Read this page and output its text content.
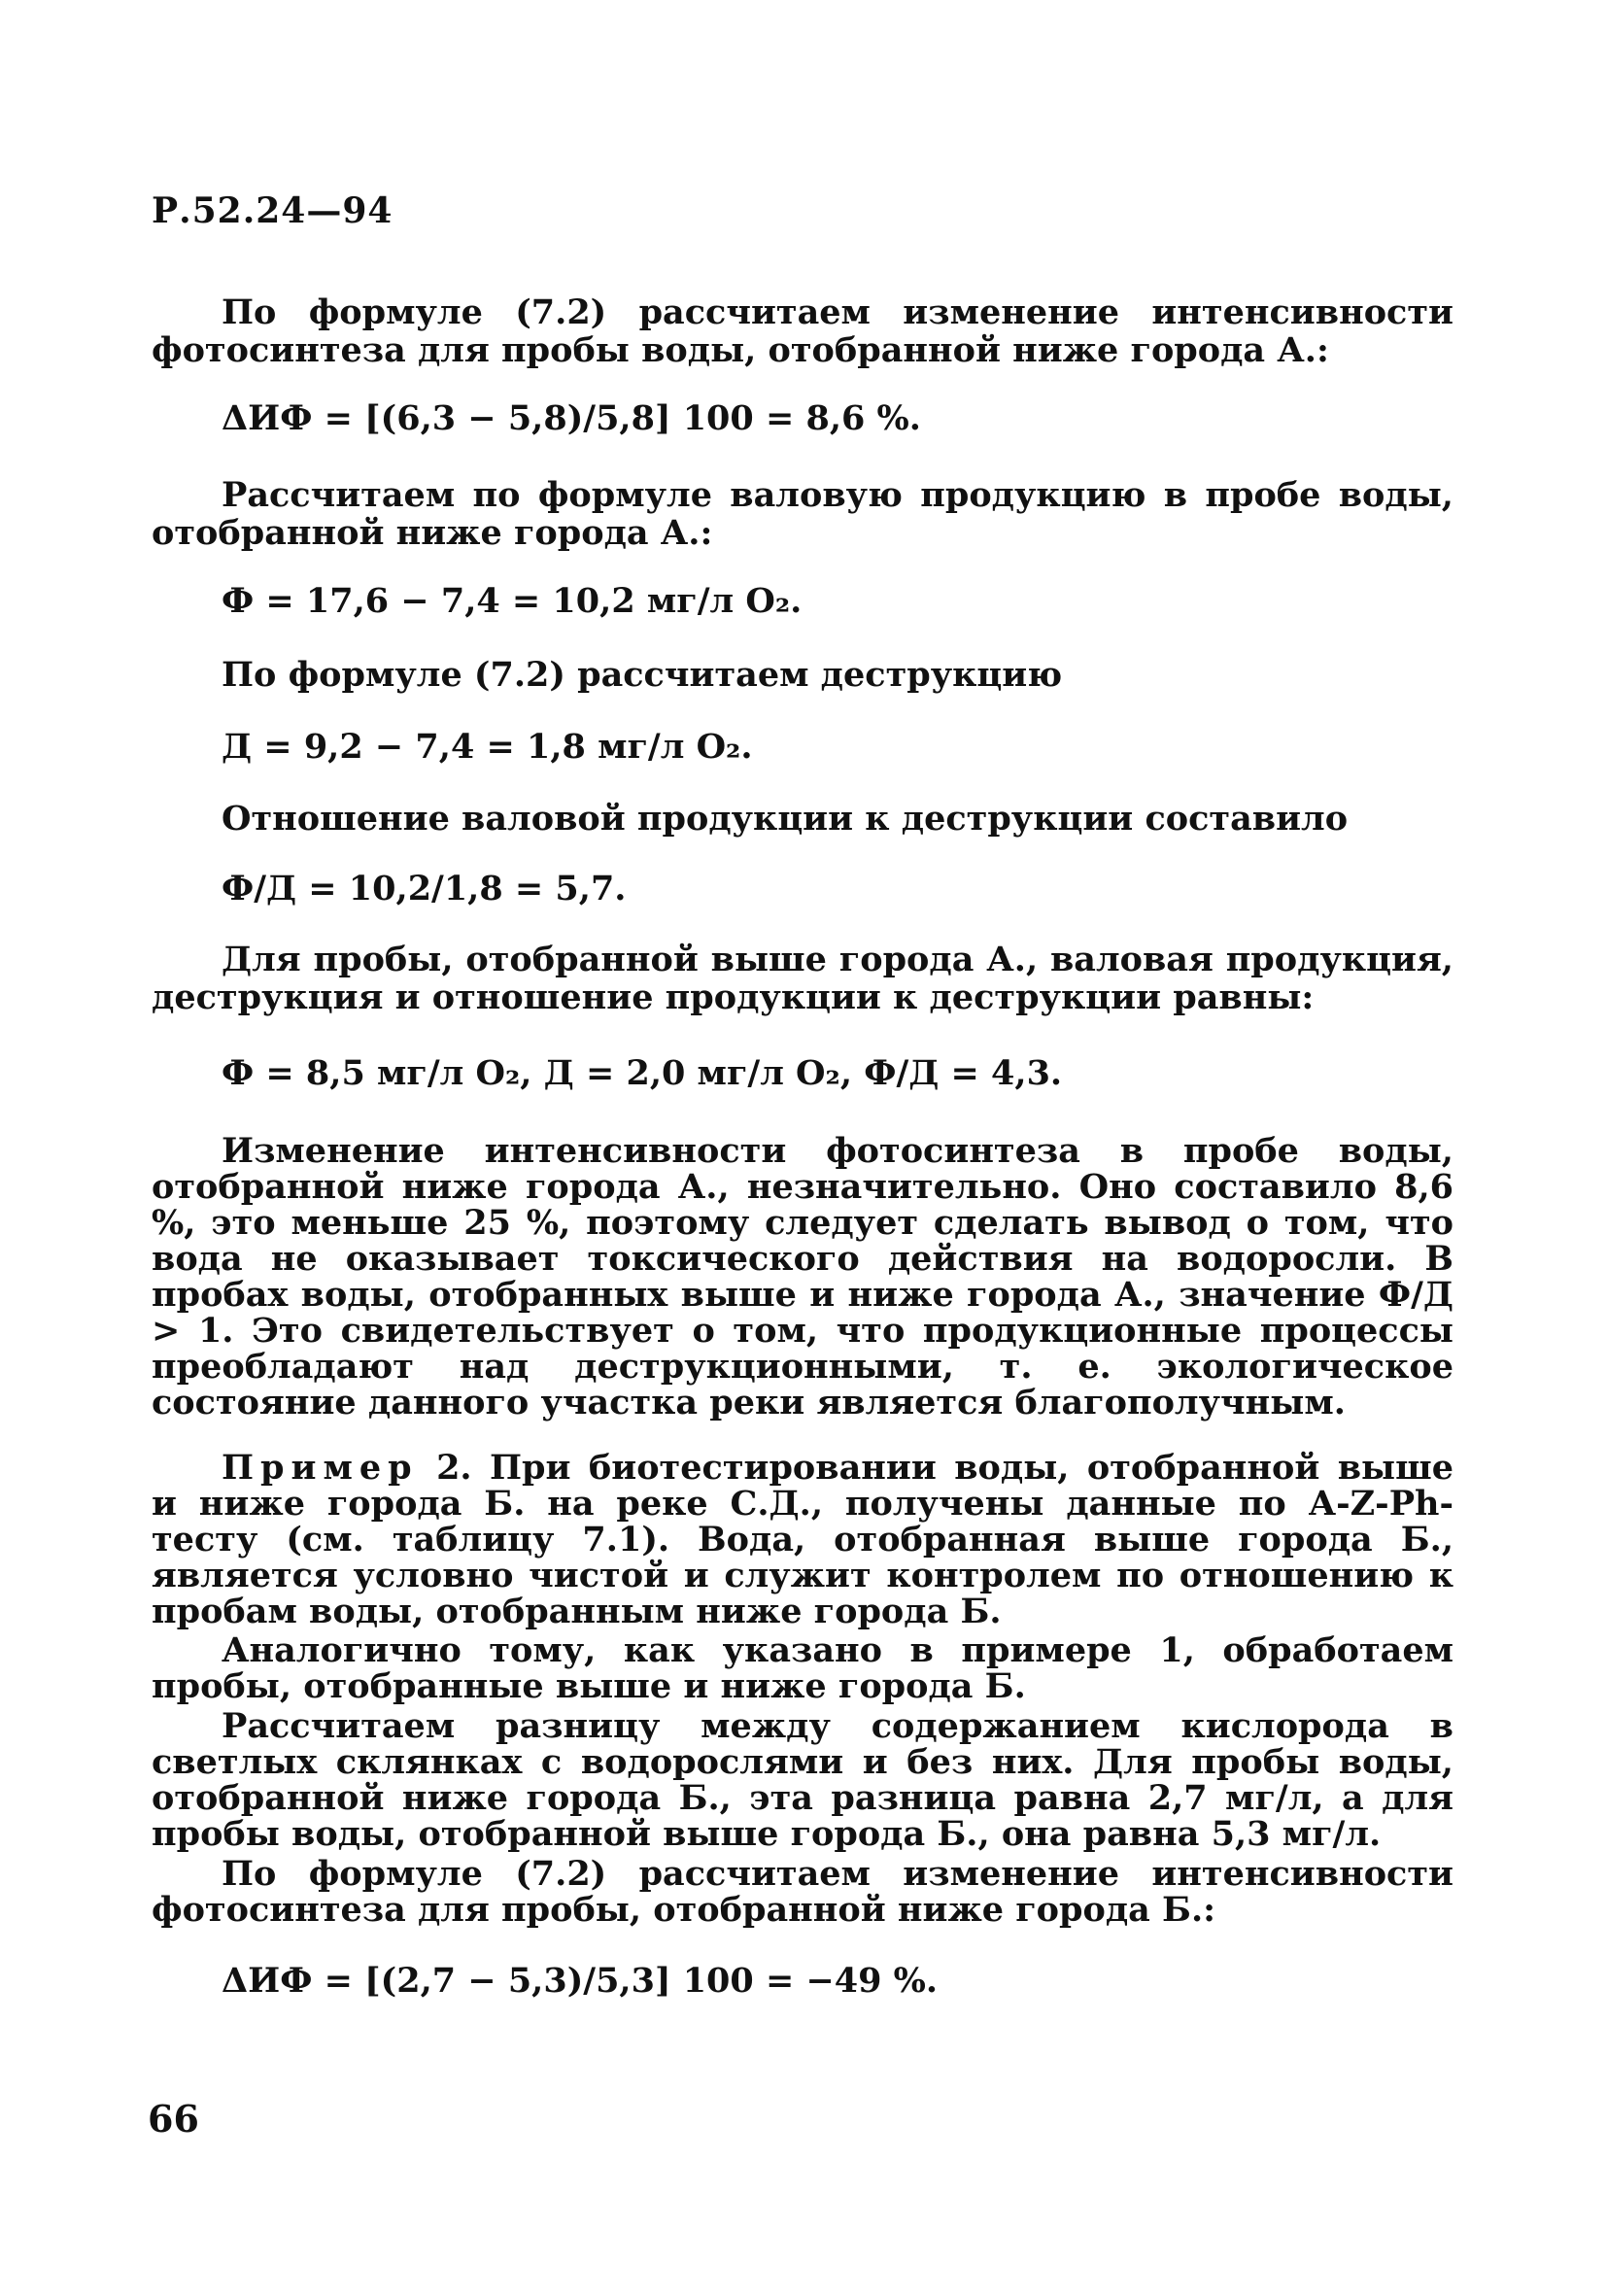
Р.52.24—94
По формуле (7.2) рассчитаем изменение интенсивности фотосинтеза для пробы воды, отобранной ниже города А.:
ΔИФ = [(6,3 − 5,8)/5,8] 100 = 8,6 %.
Рассчитаем по формуле валовую продукцию в пробе воды, отобранной ниже города А.:
Ф = 17,6 − 7,4 = 10,2 мг/л О₂.
По формуле (7.2) рассчитаем деструкцию
Д = 9,2 − 7,4 = 1,8 мг/л О₂.
Отношение валовой продукции к деструкции составило
Ф/Д = 10,2/1,8 = 5,7.
Для пробы, отобранной выше города А., валовая продукция, деструкция и отношение продукции к деструкции равны:
Ф = 8,5 мг/л О₂, Д = 2,0 мг/л О₂, Ф/Д = 4,3.
Изменение интенсивности фотосинтеза в пробе воды, отобранной ниже города А., незначительно. Оно составило 8,6 %, это меньше 25 %, поэтому следует сделать вывод о том, что вода не оказывает токсического действия на водоросли. В пробах воды, отобранных выше и ниже города А., значение Ф/Д > 1. Это свидетельствует о том, что продукционные процессы преобладают над деструкционными, т. е. экологическое состояние данного участка реки является благополучным.
Пример 2. При биотестировании воды, отобранной выше и ниже города Б. на реке С.Д., получены данные по А-Z-Ph-тесту (см. таблицу 7.1). Вода, отобранная выше города Б., является условно чистой и служит контролем по отношению к пробам воды, отобранным ниже города Б.
Аналогично тому, как указано в примере 1, обработаем пробы, отобранные выше и ниже города Б.
Рассчитаем разницу между содержанием кислорода в светлых склянках с водорослями и без них. Для пробы воды, отобранной ниже города Б., эта разница равна 2,7 мг/л, а для пробы воды, отобранной выше города Б., она равна 5,3 мг/л.
По формуле (7.2) рассчитаем изменение интенсивности фотосинтеза для пробы, отобранной ниже города Б.:
ΔИФ = [(2,7 − 5,3)/5,3] 100 = −49 %.
66
